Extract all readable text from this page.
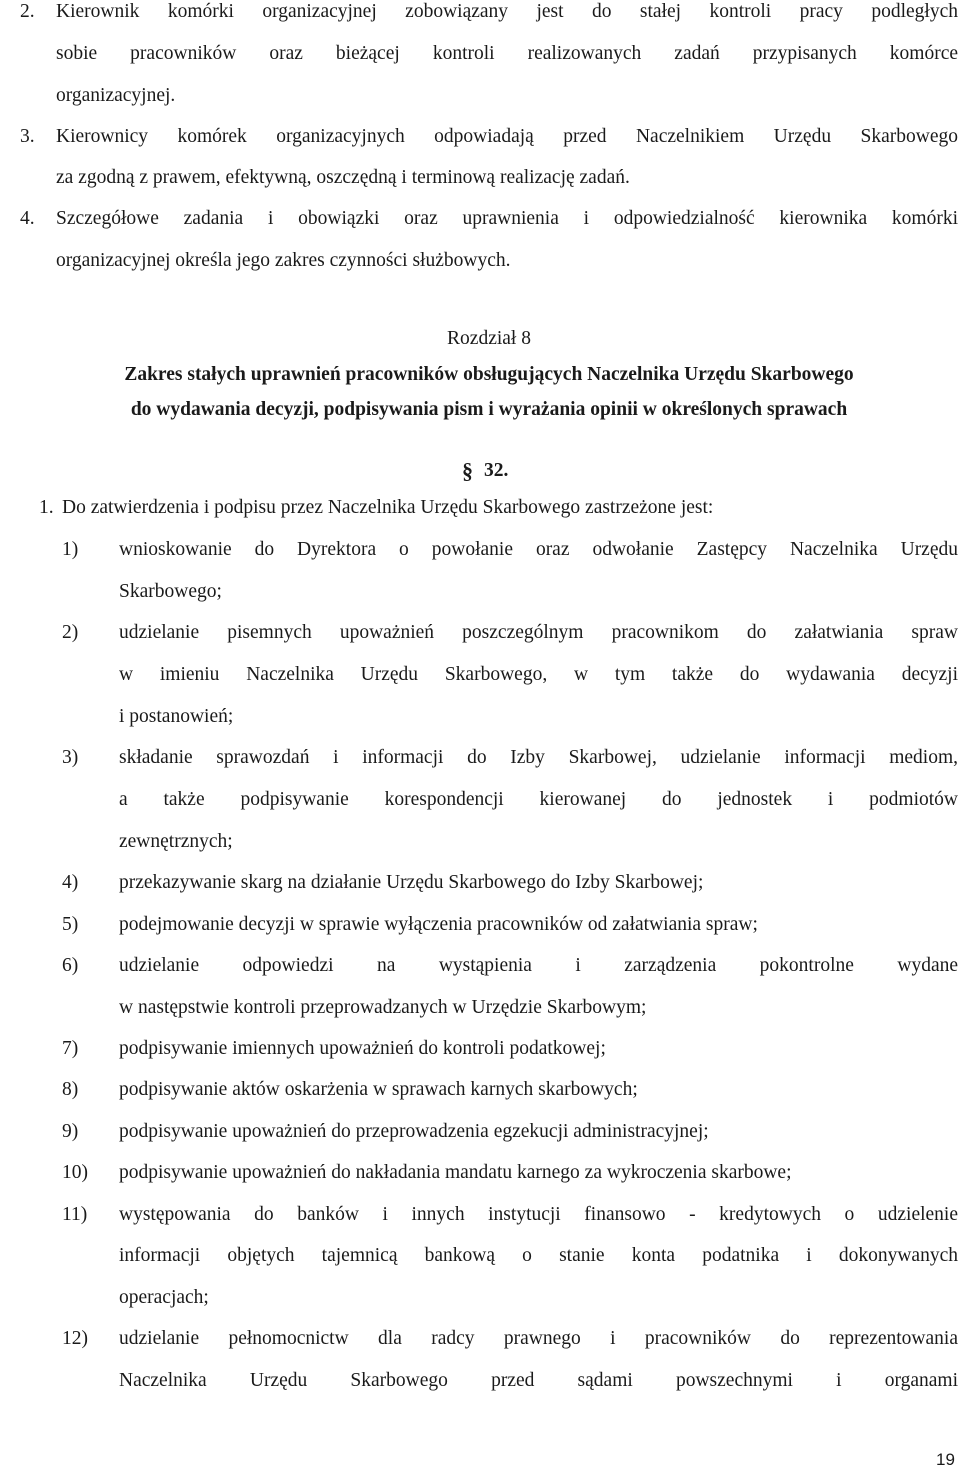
2. Kierownik komórki organizacyjnej zobowiązany jest do stałej kontroli pracy podległych
sobie pracowników oraz bieżącej kontroli realizowanych zadań przypisanych komórce
organizacyjnej.
3. Kierownicy komórek organizacyjnych odpowiadają przed Naczelnikiem Urzędu Skarbowego
za zgodną z prawem, efektywną, oszczędną i terminową realizację zadań.
4. Szczegółowe zadania i obowiązki oraz uprawnienia i odpowiedzialność kierownika komórki
organizacyjnej określa jego zakres czynności służbowych.
Rozdział 8
Zakres stałych uprawnień pracowników obsługujących Naczelnika Urzędu Skarbowego
do wydawania decyzji, podpisywania pism i wyrażania opinii w określonych sprawach
§ 32.
1. Do zatwierdzenia i podpisu przez Naczelnika Urzędu Skarbowego zastrzeżone jest:
1) wnioskowanie do Dyrektora o powołanie oraz odwołanie Zastępcy Naczelnika Urzędu
Skarbowego;
2) udzielanie pisemnych upoważnień poszczególnym pracownikom do załatwiania spraw
w imieniu Naczelnika Urzędu Skarbowego, w tym także do wydawania decyzji
i postanowień;
3) składanie sprawozdań i informacji do Izby Skarbowej, udzielanie informacji mediom,
a także podpisywanie korespondencji kierowanej do jednostek i podmiotów
zewnętrznych;
4) przekazywanie skarg na działanie Urzędu Skarbowego do Izby Skarbowej;
5) podejmowanie decyzji w sprawie wyłączenia pracowników od załatwiania spraw;
6) udzielanie odpowiedzi na wystąpienia i zarządzenia pokontrolne wydane
w następstwie kontroli przeprowadzanych w Urzędzie Skarbowym;
7) podpisywanie imiennych upoważnień do kontroli podatkowej;
8) podpisywanie aktów oskarżenia w sprawach karnych skarbowych;
9) podpisywanie upoważnień do przeprowadzenia egzekucji administracyjnej;
10) podpisywanie upoważnień do nakładania mandatu karnego za wykroczenia skarbowe;
11) występowania do banków i innych instytucji finansowo - kredytowych o udzielenie
informacji objętych tajemnicą bankową o stanie konta podatnika i dokonywanych
operacjach;
12) udzielanie pełnomocnictw dla radcy prawnego i pracowników do reprezentowania
Naczelnika Urzędu Skarbowego przed sądami powszechnymi i organami
19
